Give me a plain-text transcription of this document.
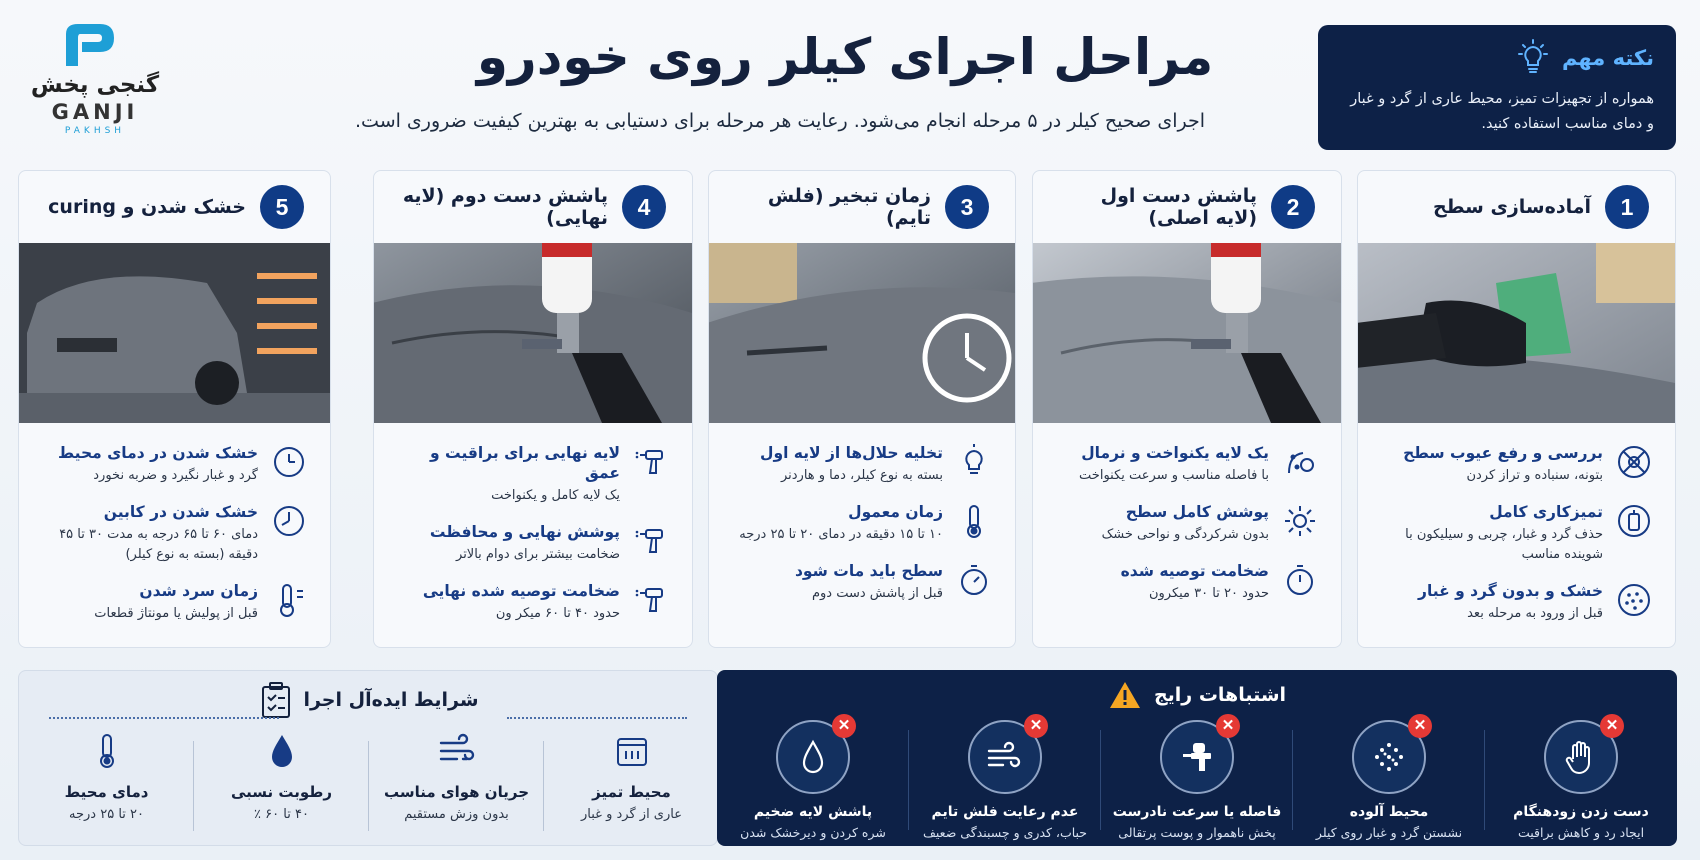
گنجی پخش
GANJI
PAKHSH
مراحل اجرای کیلر روی خودرو
اجرای صحیح کیلر در ۵ مرحله انجام می‌شود. رعایت هر مرحله برای دستیابی به بهترین کیفیت ضروری است.
نکته مهم
همواره از تجهیزات تمیز، محیط عاری از گرد و غبار و دمای مناسب استفاده کنید.
1
آماده‌سازی سطح
بررسی و رفع عیوب سطح
بتونه، سنباده و تراز کردن
تمیزکاری کامل
حذف گرد و غبار، چربی و سیلیکون با شوینده مناسب
خشک و بدون گرد و غبار
قبل از ورود به مرحله بعد
2
پاشش دست اول (لایه اصلی)
یک لایه یکنواخت و نرمال
با فاصله مناسب و سرعت یکنواخت
پوشش کامل سطح
بدون شرکردگی و نواحی خشک
ضخامت توصیه شده
حدود ۲۰ تا ۳۰ میکرون
3
زمان تبخیر (فلش تایم)
تخلیه حلال‌ها از لایه اول
بسته به نوع کیلر، دما و هاردنر
زمان معمول
۱۰ تا ۱۵ دقیقه در دمای ۲۰ تا ۲۵ درجه
سطح باید مات شود
قبل از پاشش دست دوم
4
پاشش دست دوم (لایه نهایی)
لایه نهایی برای براقیت و عمق
یک لایه کامل و یکنواخت
پوشش نهایی و محافظت
ضخامت بیشتر برای دوام بالاتر
ضخامت توصیه شده نهایی
حدود ۴۰ تا ۶۰ میکر ون
5
خشک شدن و curing
خشک شدن در دمای محیط
گرد و غبار نگیرد و ضربه نخورد
خشک شدن در کابین
دمای ۶۰ تا ۶۵ درجه به مدت ۳۰ تا ۴۵ دقیقه (بسته به نوع کیلر)
زمان سرد شدن
قبل از پولیش یا مونتاژ قطعات
شرایط ایده‌آل اجرا
محیط تمیز
عاری از گرد و غبار
جریان هوای مناسب
بدون وزش مستقیم
رطوبت نسبی
۴۰ تا ۶۰ ٪
دمای محیط
۲۰ تا ۲۵ درجه
اشتباهات رایج
✕
دست زدن زودهنگام
ایجاد رد و کاهش براقیت
✕
محیط آلوده
نشستن گرد و غبار روی کیلر
✕
فاصله یا سرعت نادرست
پخش ناهموار و پوست پرتقالی
✕
عدم رعایت فلش تایم
حباب، کدری و چسبندگی ضعیف
✕
پاشش لایه ضخیم
شره کردن و دیرخشک شدن
